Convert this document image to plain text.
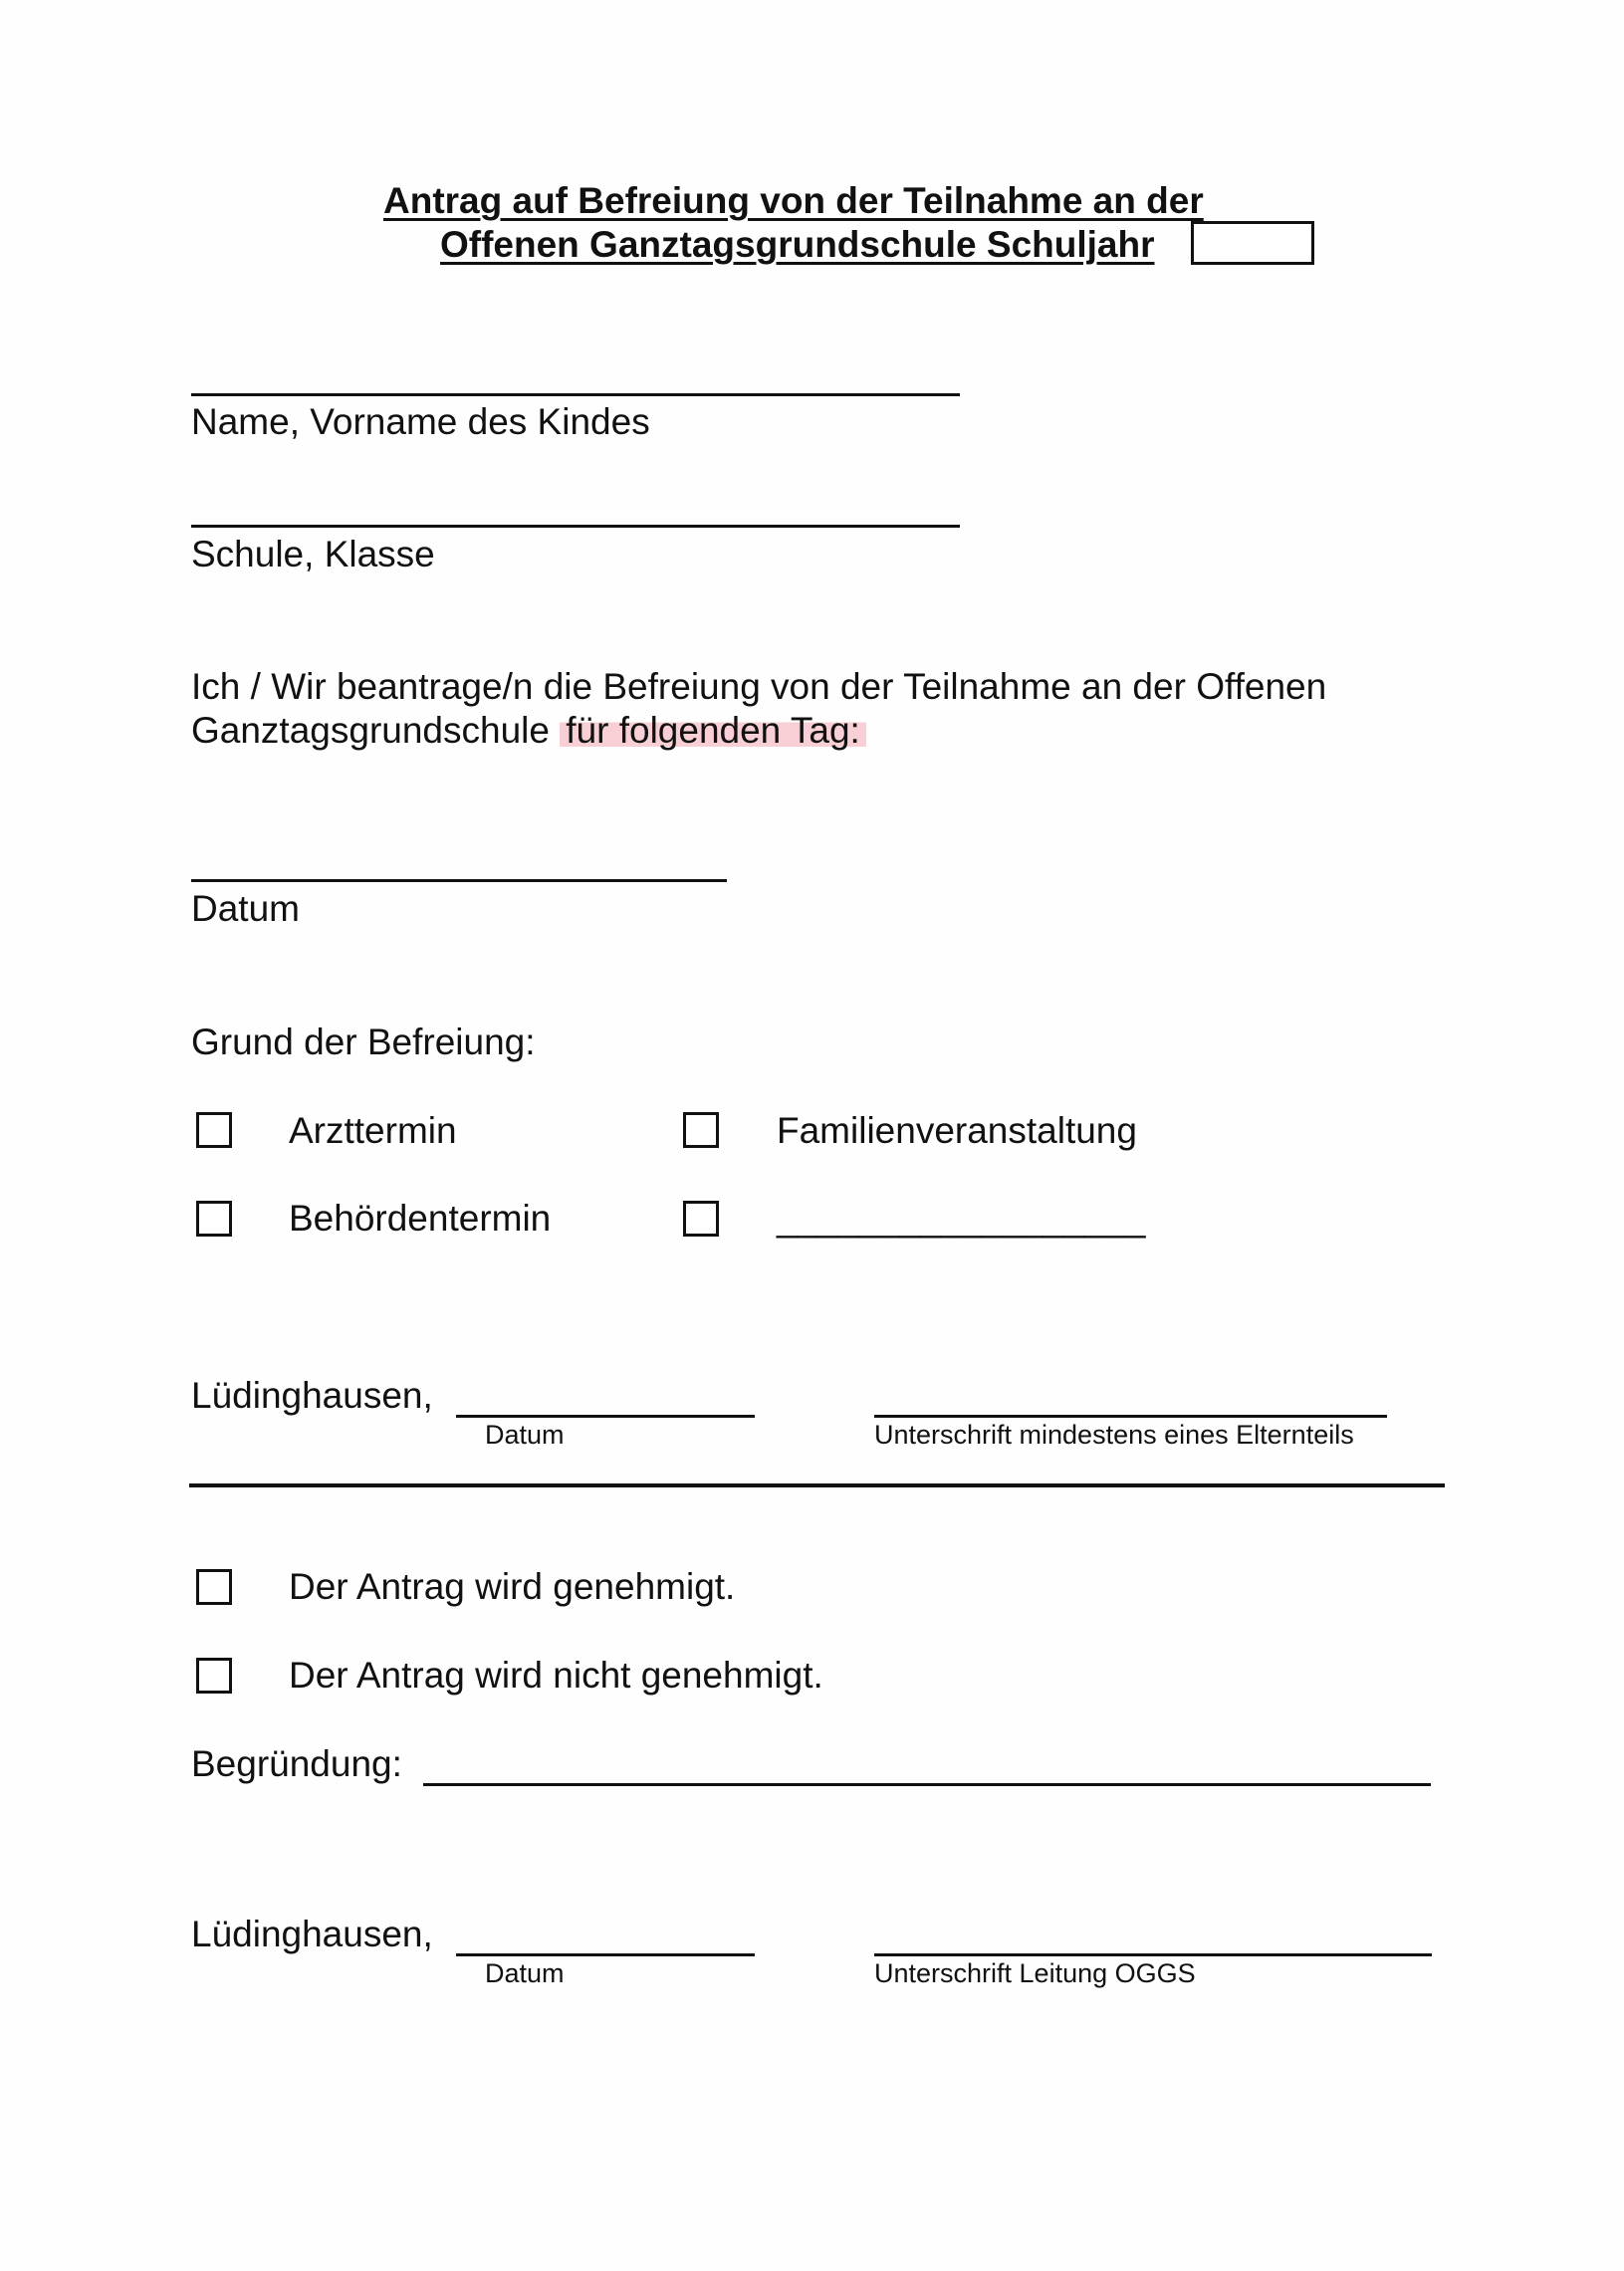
Antrag auf Befreiung von der Teilnahme an der
Offenen Ganztagsgrundschule Schuljahr
Name, Vorname des Kindes
Schule, Klasse
Ich / Wir beantrage/n die Befreiung von der Teilnahme an der Offenen
Ganztagsgrundschule für folgenden Tag:
Datum
Grund der Befreiung:
Arzttermin	Familienveranstaltung
Behördentermin	__________________
Lüdinghausen,
Datum	Unterschrift mindestens eines Elternteils
Der Antrag wird genehmigt.
Der Antrag wird nicht genehmigt.
Begründung:
Lüdinghausen,
Datum	Unterschrift Leitung OGGS
